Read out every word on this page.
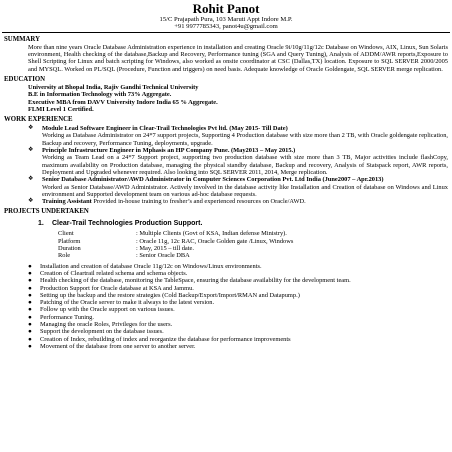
Rohit Panot
15/C Prajapath Pura, 103 Maruti Appt Indore M.P.
+91 9977785343, panot4u@gmail.com
SUMMARY
More than nine years Oracle Database Administration experience in installation and creating Oracle 9i/10g/11g/12c Database on Windows, AIX, Linux, Sun Solaris environment, Health checking of the database,Backup and Recovery, Performance tuning (SGA and Query Tuning), Analysis of ADDM/AWR reports,Exposure to Shell Scripting for Linux and batch scripting for Windows, also worked as onsite coordinator at CSC (Dallas,TX) location. Exposure to SQL SERVER 2000/2005 and MYSQL. Worked on PL/SQL (Procedure, Function and triggers) on need basis. Adequate knowledge of Oracle Goldengate, SQL SERVER merge replication.
EDUCATION
University at Bhopal India, Rajiv Gandhi Technical University
B.E in Information Technology with 73% Aggregate.
Executive MBA from DAVV University Indore India 65 % Aggregate.
FLMI Level 1 Certified.
WORK EXPERIENCE
❖ Module Lead Software Engineer in Clear-Trail Technologies Pvt ltd. (May 2015- Till Date)
Working as Database Administrator on 24*7 support projects, Supporting 4 Production database with size more than 2 TB, with Oracle goldengate replication, Backup and recovery, Performance Tuning, deployments, upgrade.
❖ Principle Infrastructure Engineer in Mphasis an HP Company Pune. (May2013 – May 2015.)
Working as Team Lead on a 24*7 Support project, supporting two production database with size more than 3 TB, Major activities include flashCopy, maximum availability on Production database, managing the physical standby database, Backup and recovery, Analysis of Statspack report, AWR reports, Deployment and Upgraded whenever required. Also looking into SQL SERVER 2011, 2014, Merge replication.
❖ Senior Database Administrator/AWD Administrator in Computer Sciences Corporation Pvt. Ltd India (June2007 – Apr.2013)
Worked as Senior Database/AWD Administrator. Actively involved in the database activity like Installation and Creation of database on Windows and Linux environment and Supported development team on various ad-hoc database requests.
❖ Training Assistant Provided in-house training to fresher’s and experienced resources on Oracle/AWD.
PROJECTS UNDERTAKEN
1. Clear-Trail Technologies Production Support.
Client	: Multiple Clients (Govt of KSA, Indian defense Ministry).
Platform	: Oracle 11g, 12c RAC, Oracle Golden gate /Linux, Windows
Duration	: May, 2015 – till date.
Role	: Senior Oracle DBA
● Installation and creation of database Oracle 11g/12c on Windows/Linux environments.
● Creation of Cleartrail related schema and schema objects.
● Health checking of the database, monitoring the TableSpace, ensuring the database availability for the development team.
● Production Support for Oracle database at KSA and Jammu.
● Setting up the backup and the restore strategies (Cold Backup/Export/Import/RMAN and Datapump.)
● Patching of the Oracle server to make it always to the latest version.
● Follow up with the Oracle support on various issues.
● Performance Tuning.
● Managing the oracle Roles, Privileges for the users.
● Support the development on the database issues.
● Creation of Index, rebuilding of index and reorganize the database for performance improvements
● Movement of the database from one server to another server.
